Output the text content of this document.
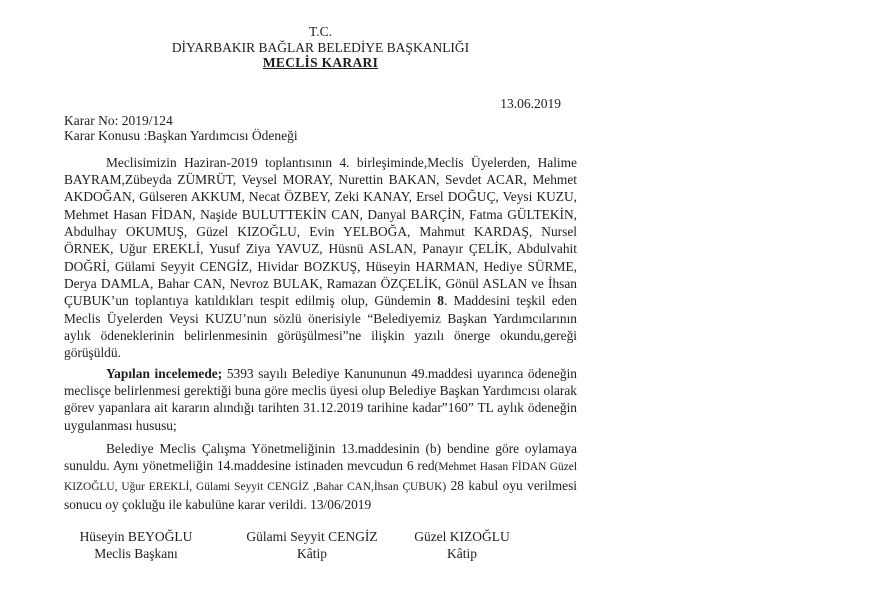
T.C.
DİYARBAKIR BAĞLAR BELEDİYE BAŞKANLIĞI
MECLİS KARARI
13.06.2019
Karar No: 2019/124
Karar Konusu :Başkan Yardımcısı Ödeneği

Meclisimizin Haziran-2019 toplantısının 4. birleşiminde,Meclis Üyelerden, Halime BAYRAM,Zübeyda ZÜMRÜT, Veysel MORAY, Nurettin BAKAN, Sevdet ACAR, Mehmet AKDOĞAN, Gülseren AKKUM, Necat ÖZBEY, Zeki KANAY, Ersel DOĞUÇ, Veysi KUZU, Mehmet Hasan FİDAN, Naşide BULUTTEKİN CAN, Danyal BARÇİN, Fatma GÜLTEKİN, Abdulhay OKUMUŞ, Güzel KIZOĞLU, Evin YELBOĞA, Mahmut KARDAŞ, Nursel ÖRNEK, Uğur EREKLİ, Yusuf Ziya YAVUZ, Hüsnü ASLAN, Panayır ÇELİK, Abdulvahit DOĞRİ, Gülami Seyyit CENGİZ, Hividar BOZKUŞ, Hüseyin HARMAN, Hediye SÜRME, Derya DAMLA, Bahar CAN, Nevroz BULAK, Ramazan ÖZÇELİK, Gönül ASLAN ve İhsan ÇUBUK’un toplantıya katıldıkları tespit edilmiş olup, Gündemin 8. Maddesini teşkil eden Meclis Üyelerden Veysi KUZU’nun sözlü önerisiyle “Belediyemiz Başkan Yardımcılarının aylık ödeneklerinin belirlenmesinin görüşülmesi”ne ilişkin yazılı önerge okundu,gereği görüşüldü.

Yapılan incelemede; 5393 sayılı Belediye Kanununun 49.maddesi uyarınca ödeneğin meclisçe belirlenmesi gerektiği buna göre meclis üyesi olup Belediye Başkan Yardımcısı olarak görev yapanlara ait kararın alındığı tarihten 31.12.2019 tarihine kadar”160” TL aylık ödeneğin uygulanması hususu;

Belediye Meclis Çalışma Yönetmeliğinin 13.maddesinin (b) bendine göre oylamaya sunuldu. Aynı yönetmeliğin 14.maddesine istinaden mevcudun 6 red(Mehmet Hasan FİDAN Güzel KIZOĞLU, Uğur EREKLİ, Gülami Seyyit CENGİZ ,Bahar CAN,İhsan ÇUBUK) 28 kabul oyu verilmesi sonucu oy çokluğu ile kabulüne karar verildi. 13/06/2019

Hüseyin BEYOĞLU
Meclis Başkanı
Gülami Seyyit CENGİZ
Kâtip
Güzel KIZOĞLU
Kâtip
